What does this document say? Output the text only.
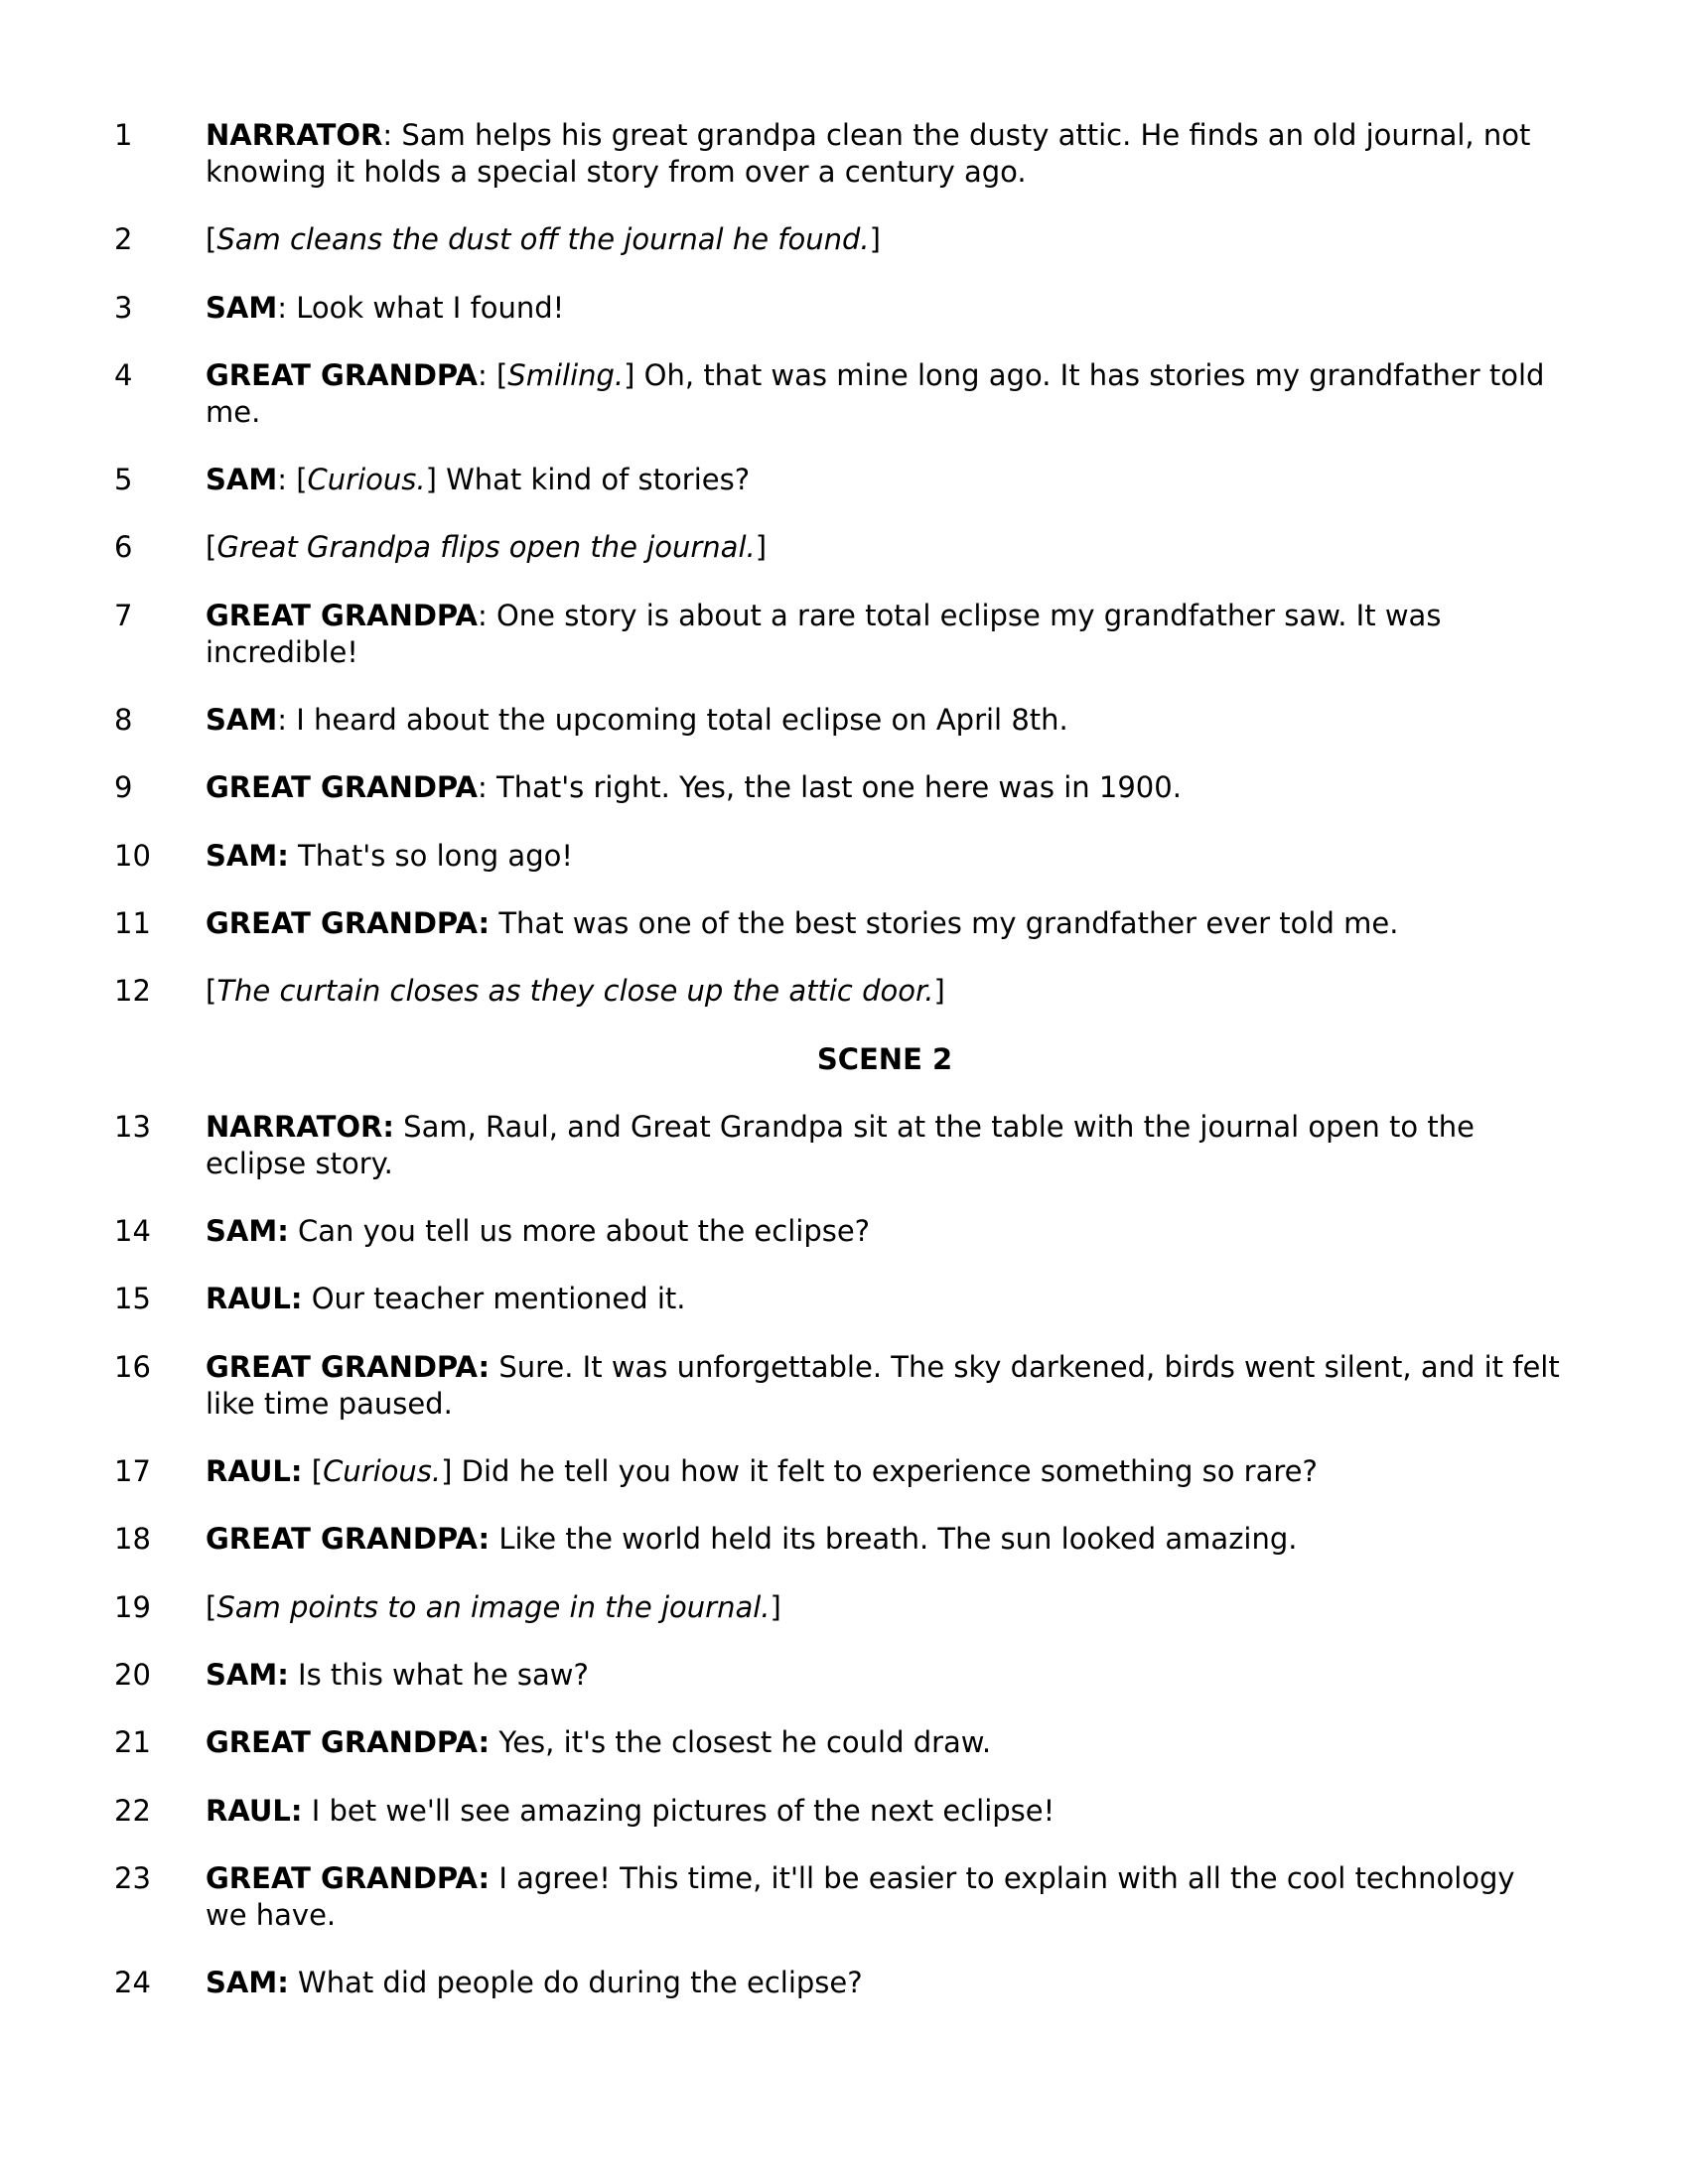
1	NARRATOR: Sam helps his great grandpa clean the dusty attic. He finds an old journal, not knowing it holds a special story from over a century ago.
2	[Sam cleans the dust off the journal he found.]
3	SAM: Look what I found!
4	GREAT GRANDPA: [Smiling.] Oh, that was mine long ago. It has stories my grandfather told me.
5	SAM: [Curious.] What kind of stories?
6	[Great Grandpa flips open the journal.]
7	GREAT GRANDPA: One story is about a rare total eclipse my grandfather saw. It was incredible!
8	SAM: I heard about the upcoming total eclipse on April 8th.
9	GREAT GRANDPA: That's right. Yes, the last one here was in 1900.
10	SAM: That's so long ago!
11	GREAT GRANDPA: That was one of the best stories my grandfather ever told me.
12	[The curtain closes as they close up the attic door.]
SCENE 2
13	NARRATOR: Sam, Raul, and Great Grandpa sit at the table with the journal open to the eclipse story.
14	SAM: Can you tell us more about the eclipse?
15	RAUL: Our teacher mentioned it.
16	GREAT GRANDPA: Sure. It was unforgettable. The sky darkened, birds went silent, and it felt like time paused.
17	RAUL: [Curious.] Did he tell you how it felt to experience something so rare?
18	GREAT GRANDPA: Like the world held its breath. The sun looked amazing.
19	[Sam points to an image in the journal.]
20	SAM: Is this what he saw?
21	GREAT GRANDPA: Yes, it's the closest he could draw.
22	RAUL: I bet we'll see amazing pictures of the next eclipse!
23	GREAT GRANDPA: I agree! This time, it'll be easier to explain with all the cool technology we have.
24	SAM: What did people do during the eclipse?
